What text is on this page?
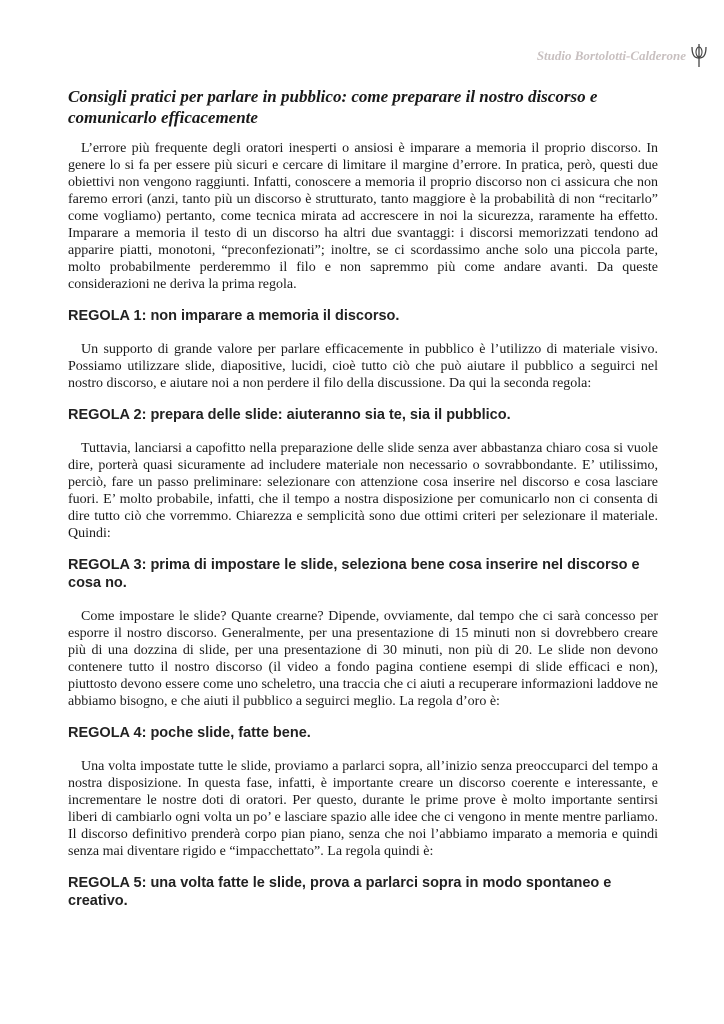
Studio Bortolotti-Calderone
Consigli pratici per parlare in pubblico: come preparare il nostro discorso e comunicarlo efficacemente

L’errore più frequente degli oratori inesperti o ansiosi è imparare a memoria il proprio discorso. In genere lo si fa per essere più sicuri e cercare di limitare il margine d’errore. In pratica, però, questi due obiettivi non vengono raggiunti. Infatti, conoscere a memoria il proprio discorso non ci assicura che non faremo errori (anzi, tanto più un discorso è strutturato, tanto maggiore è la probabilità di non “recitarlo” come vogliamo) pertanto, come tecnica mirata ad accrescere in noi la sicurezza, raramente ha effetto. Imparare a memoria il testo di un discorso ha altri due svantaggi: i discorsi memorizzati tendono ad apparire piatti, monotoni, “preconfezionati”; inoltre, se ci scordassimo anche solo una piccola parte, molto probabilmente perderemmo il filo e non sapremmo più come andare avanti. Da queste considerazioni ne deriva la prima regola.

REGOLA 1: non imparare a memoria il discorso.

Un supporto di grande valore per parlare efficacemente in pubblico è l’utilizzo di materiale visivo. Possiamo utilizzare slide, diapositive, lucidi, cioè tutto ciò che può aiutare il pubblico a seguirci nel nostro discorso, e aiutare noi a non perdere il filo della discussione. Da qui la seconda regola:

REGOLA 2: prepara delle slide: aiuteranno sia te, sia il pubblico.

Tuttavia, lanciarsi a capofitto nella preparazione delle slide senza aver abbastanza chiaro cosa si vuole dire, porterà quasi sicuramente ad includere materiale non necessario o sovrabbondante. E’ utilissimo, perciò, fare un passo preliminare: selezionare con attenzione cosa inserire nel discorso e cosa lasciare fuori. E’ molto probabile, infatti, che il tempo a nostra disposizione per comunicarlo non ci consenta di dire tutto ciò che vorremmo. Chiarezza e semplicità sono due ottimi criteri per selezionare il materiale. Quindi:

REGOLA 3: prima di impostare le slide, seleziona bene cosa inserire nel discorso e cosa no.

Come impostare le slide? Quante crearne? Dipende, ovviamente, dal tempo che ci sarà concesso per esporre il nostro discorso. Generalmente, per una presentazione di 15 minuti non si dovrebbero creare più di una dozzina di slide, per una presentazione di 30 minuti, non più di 20. Le slide non devono contenere tutto il nostro discorso (il video a fondo pagina contiene esempi di slide efficaci e non), piuttosto devono essere come uno scheletro, una traccia che ci aiuti a recuperare informazioni laddove ne abbiamo bisogno, e che aiuti il pubblico a seguirci meglio. La regola d’oro è:

REGOLA 4: poche slide, fatte bene.

Una volta impostate tutte le slide, proviamo a parlarci sopra, all’inizio senza preoccuparci del tempo a nostra disposizione. In questa fase, infatti, è importante creare un discorso coerente e interessante, e incrementare le nostre doti di oratori. Per questo, durante le prime prove è molto importante sentirsi liberi di cambiarlo ogni volta un po’ e lasciare spazio alle idee che ci vengono in mente mentre parliamo. Il discorso definitivo prenderà corpo pian piano, senza che noi l’abbiamo imparato a memoria e quindi senza mai diventare rigido e “impacchettato”. La regola quindi è:

REGOLA 5: una volta fatte le slide, prova a parlarci sopra in modo spontaneo e creativo.
